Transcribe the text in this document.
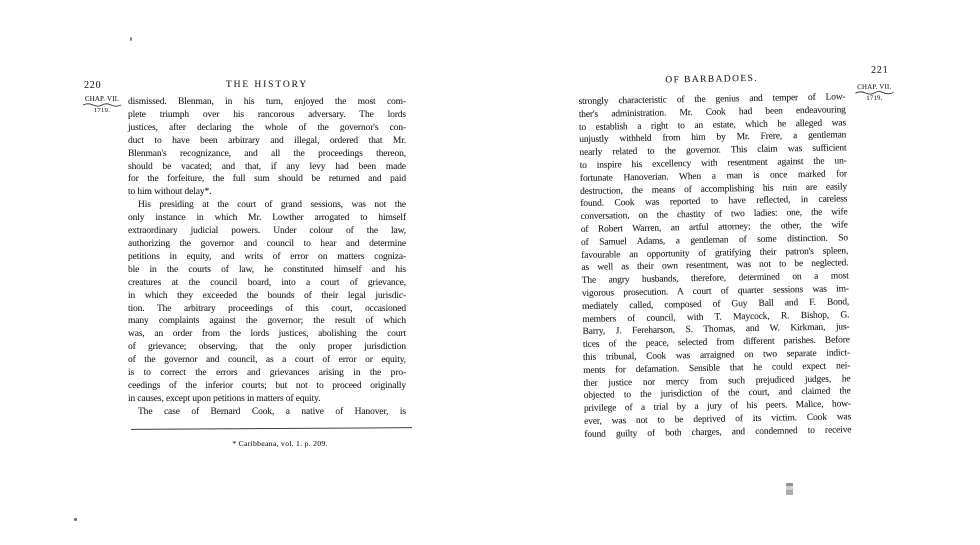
220	THE HISTORY
CHAP. VII.
1719.
dismissed. Blenman, in his turn, enjoyed the most com-
plete triumph over his rancorous adversary. The lords
justices, after declaring the whole of the governor's con-
duct to have been arbitrary and illegal, ordered that Mr.
Blenman's recognizance, and all the proceedings thereon,
should be vacated; and that, if any levy had been made
for the forfeiture, the full sum should be returned and paid
to him without delay*.
His presiding at the court of grand sessions, was not the
only instance in which Mr. Lowther arrogated to himself
extraordinary judicial powers. Under colour of the law,
authorizing the governor and council to hear and determine
petitions in equity, and writs of error on matters cogniza-
ble in the courts of law, he constituted himself and his
creatures at the council board, into a court of grievance,
in which they exceeded the bounds of their legal jurisdic-
tion. The arbitrary proceedings of this court, occasioned
many complaints against the governor; the result of which
was, an order from the lords justices, abolishing the court
of grievance; observing, that the only proper jurisdiction
of the governor and council, as a court of error or equity,
is to correct the errors and grievances arising in the pro-
ceedings of the inferior courts; but not to proceed originally
in causes, except upon petitions in matters of equity.
The case of Bernard Cook, a native of Hanover, is
* Caribbeana, vol. 1. p. 209.
OF BARBADOES.
221
CHAP. VII.
1719.
strongly characteristic of the genius and temper of Low-
ther's administration. Mr. Cook had been endeavouring
to establish a right to an estate, which he alleged was
unjustly withheld from him by Mr. Frere, a gentleman
nearly related to the governor. This claim was sufficient
to inspire his excellency with resentment against the un-
fortunate Hanoverian. When a man is once marked for
destruction, the means of accomplishing his ruin are easily
found. Cook was reported to have reflected, in careless
conversation, on the chastity of two ladies: one, the wife
of Robert Warren, an artful attorney; the other, the wife
of Samuel Adams, a gentleman of some distinction. So
favourable an opportunity of gratifying their patron's spleen,
as well as their own resentment, was not to be neglected.
The angry husbands, therefore, determined on a most
vigorous prosecution. A court of quarter sessions was im-
mediately called, composed of Guy Ball and F. Bond,
members of council, with T. Maycock, R. Bishop, G.
Barry, J. Fereharson, S. Thomas, and W. Kirkman, jus-
tices of the peace, selected from different parishes. Before
this tribunal, Cook was arraigned on two separate indict-
ments for defamation. Sensible that he could expect nei-
ther justice nor mercy from such prejudiced judges, he
objected to the jurisdiction of the court, and claimed the
privilege of a trial by a jury of his peers. Malice, how-
ever, was not to be deprived of its victim. Cook was
found guilty of both charges, and condemned to receive
